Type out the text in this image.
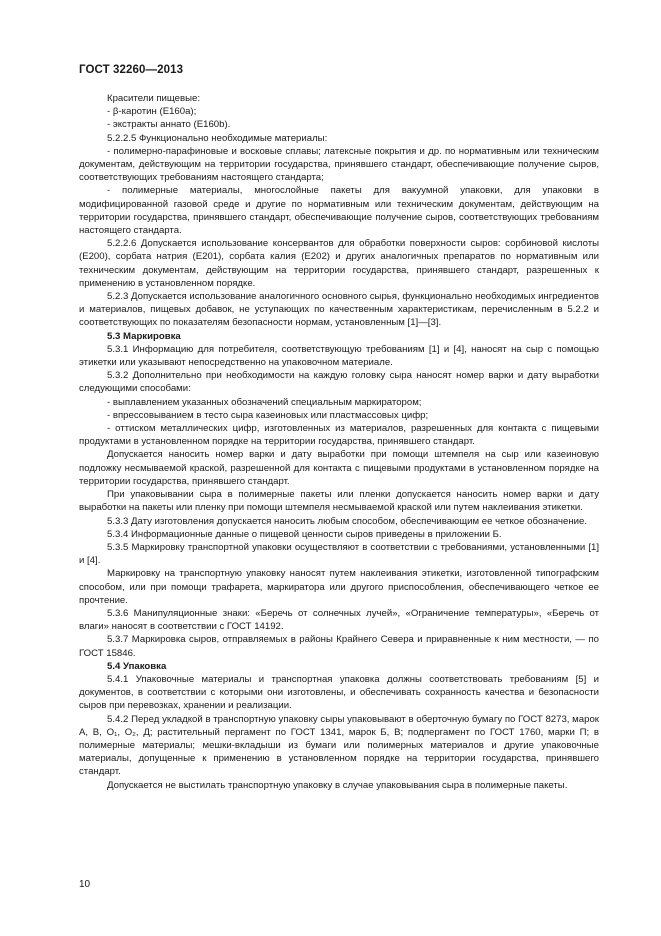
ГОСТ 32260—2013

Красители пищевые:

- β-каротин (E160a);

- экстракты аннато (E160b).

5.2.2.5 Функционально необходимые материалы:

- полимерно-парафиновые и восковые сплавы; латексные покрытия и др. по нормативным или техническим документам, действующим на территории государства, принявшего стандарт, обеспечивающие получение сыров, соответствующих требованиям настоящего стандарта;

- полимерные материалы, многослойные пакеты для вакуумной упаковки, для упаковки в модифицированной газовой среде и другие по нормативным или техническим документам, действующим на территории государства, принявшего стандарт, обеспечивающие получение сыров, соответствующих требованиям настоящего стандарта.

5.2.2.6 Допускается использование консервантов для обработки поверхности сыров: сорбиновой кислоты (E200), сорбата натрия (E201), сорбата калия (E202) и других аналогичных препаратов по нормативным или техническим документам, действующим на территории государства, принявшего стандарт, разрешенных к применению в установленном порядке.

5.2.3 Допускается использование аналогичного основного сырья, функционально необходимых ингредиентов и материалов, пищевых добавок, не уступающих по качественным характеристикам, перечисленным в 5.2.2 и соответствующих по показателям безопасности нормам, установленным [1]—[3].

5.3 Маркировка

5.3.1 Информацию для потребителя, соответствующую требованиям [1] и [4], наносят на сыр с помощью этикетки или указывают непосредственно на упаковочном материале.

5.3.2 Дополнительно при необходимости на каждую головку сыра наносят номер варки и дату выработки следующими способами:

- выплавлением указанных обозначений специальным маркиратором;

- впрессовыванием в тесто сыра казеиновых или пластмассовых цифр;

- оттиском металлических цифр, изготовленных из материалов, разрешенных для контакта с пищевыми продуктами в установленном порядке на территории государства, принявшего стандарт.

Допускается наносить номер варки и дату выработки при помощи штемпеля на сыр или казеиновую подложку несмываемой краской, разрешенной для контакта с пищевыми продуктами в установленном порядке на территории государства, принявшего стандарт.

При упаковывании сыра в полимерные пакеты или пленки допускается наносить номер варки и дату выработки на пакеты или пленку при помощи штемпеля несмываемой краской или путем наклеивания этикетки.

5.3.3 Дату изготовления допускается наносить любым способом, обеспечивающим ее четкое обозначение.

5.3.4 Информационные данные о пищевой ценности сыров приведены в приложении Б.

5.3.5 Маркировку транспортной упаковки осуществляют в соответствии с требованиями, установленными [1] и [4].

Маркировку на транспортную упаковку наносят путем наклеивания этикетки, изготовленной типографским способом, или при помощи трафарета, маркиратора или другого приспособления, обеспечивающего четкое ее прочтение.

5.3.6 Манипуляционные знаки: «Беречь от солнечных лучей», «Ограничение температуры», «Беречь от влаги» наносят в соответствии с ГОСТ 14192.

5.3.7 Маркировка сыров, отправляемых в районы Крайнего Севера и приравненные к ним местности, — по ГОСТ 15846.

5.4 Упаковка

5.4.1 Упаковочные материалы и транспортная упаковка должны соответствовать требованиям [5] и документов, в соответствии с которыми они изготовлены, и обеспечивать сохранность качества и безопасности сыров при перевозках, хранении и реализации.

5.4.2 Перед укладкой в транспортную упаковку сыры упаковывают в оберточную бумагу по ГОСТ 8273, марок А, В, O₁, O₂, Д; растительный пергамент по ГОСТ 1341, марок Б, В; подпергамент по ГОСТ 1760, марки П; в полимерные материалы; мешки-вкладыши из бумаги или полимерных материалов и другие упаковочные материалы, допущенные к применению в установленном порядке на территории государства, принявшего стандарт.

Допускается не выстилать транспортную упаковку в случае упаковывания сыра в полимерные пакеты.

10
